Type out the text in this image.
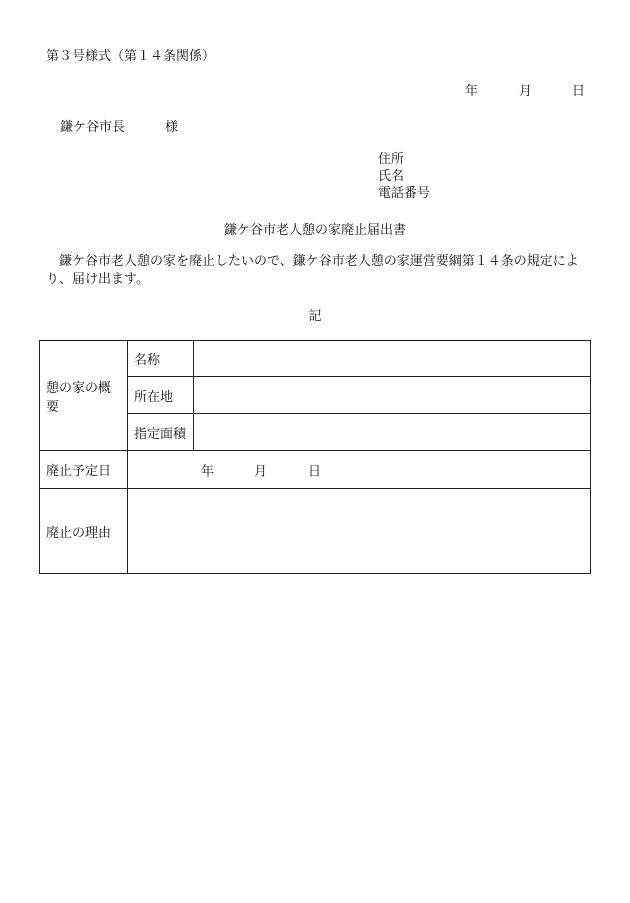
第３号様式（第１４条関係）
年	月	日
鎌ケ谷市長	様
住所
氏名
電話番号
鎌ケ谷市老人憩の家廃止届出書
鎌ケ谷市老人憩の家を廃止したいので、鎌ケ谷市老人憩の家運営要綱第１４条の規定により、届け出ます。
記
憩の家の概要	名称	
	所在地	
	指定面積	
廃止予定日	年 月 日	

廃止の理由		
